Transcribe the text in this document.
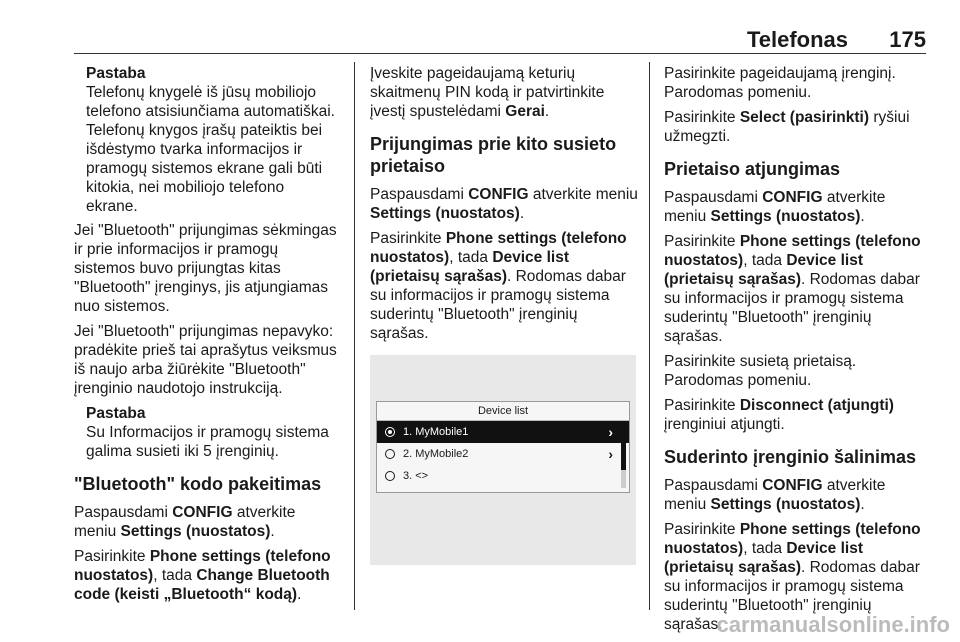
Telefonas 175
Pastaba
Telefonų knygelė iš jūsų mobiliojo telefono atsisiunčiama automatiškai. Telefonų knygos įrašų pateiktis bei išdėstymo tvarka informacijos ir pramogų sistemos ekrane gali būti kitokia, nei mobiliojo telefono ekrane.

Jei "Bluetooth" prijungimas sėkmingas ir prie informacijos ir pramogų sistemos buvo prijungtas kitas "Bluetooth" įrenginys, jis atjungiamas nuo sistemos.

Jei "Bluetooth" prijungimas nepavyko: pradėkite prieš tai aprašytus veiksmus iš naujo arba žiūrėkite "Bluetooth" įrenginio naudotojo instrukciją.

Pastaba
Su Informacijos ir pramogų sistema galima susieti iki 5 įrenginių.
"Bluetooth" kodo pakeitimas

Paspausdami CONFIG atverkite meniu Settings (nuostatos).

Pasirinkite Phone settings (telefono nuostatos), tada Change Bluetooth code (keisti „Bluetooth“ kodą).

Įveskite pageidaujamą keturių skaitmenų PIN kodą ir patvirtinkite įvestį spustelėdami Gerai.

Prijungimas prie kito susieto prietaiso

Paspausdami CONFIG atverkite meniu Settings (nuostatos).

Pasirinkite Phone settings (telefono nuostatos), tada Device list (prietaisų sąrašas). Rodomas dabar su informacijos ir pramogų sistema suderintų "Bluetooth" įrenginių sąrašas.

Device list
1. MyMobile1	›
2. MyMobile2	›
3. <>

Pasirinkite pageidaujamą įrenginį. Parodomas pomeniu.

Pasirinkite Select (pasirinkti) ryšiui užmegzti.

Prietaiso atjungimas

Paspausdami CONFIG atverkite meniu Settings (nuostatos).

Pasirinkite Phone settings (telefono nuostatos), tada Device list (prietaisų sąrašas). Rodomas dabar su informacijos ir pramogų sistema suderintų "Bluetooth" įrenginių sąrašas.

Pasirinkite susietą prietaisą. Parodomas pomeniu.

Pasirinkite Disconnect (atjungti) įrenginiui atjungti.

Suderinto įrenginio šalinimas

Paspausdami CONFIG atverkite meniu Settings (nuostatos).

Pasirinkite Phone settings (telefono nuostatos), tada Device list (prietaisų sąrašas). Rodomas dabar su informacijos ir pramogų sistema suderintų "Bluetooth" įrenginių sąrašas.

carmanualsonline.info
